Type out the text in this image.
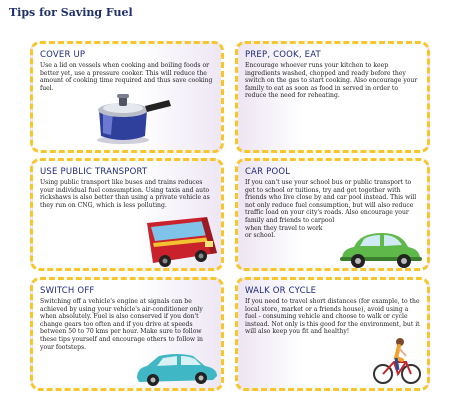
Tips for Saving Fuel
COVER UP

Use a lid on vessels when cooking and boiling foods or better yet, use a pressure cooker. This will reduce the amount of cooking time required and thus save cooking fuel.

PREP, COOK, EAT

Encourage whoever runs your kitchen to keep ingredients washed, chopped and ready before they switch on the gas to start cooking. Also encourage your family to eat as soon as food in served in order to reduce the need for reheating.

USE PUBLIC TRANSPORT

Using public transport like buses and trains reduces your individual fuel consumption. Using taxis and auto rickshaws is also better than using a private vehicle as they run on CNG, which is less polluting.

CAR POOL

If you can't use your school bus or public transport to get to school or tuitions, try and get together with friends who live close by and car pool instead. This will not only reduce fuel consumption, but will also reduce traffic load on your city's roads. Also encourage your family and friends to carpool

when they travel to work

or school.

SWITCH OFF

Switching off a vehicle's engine at signals can be achieved by using your vehicle's air-conditioner only when absolutely. Fuel is also conserved if you don't change gears too often and if you drive at speeds between 50 to 70 kms per hour. Make sure to follow these tips yourself and encourage others to follow in your footsteps.

WALK OR CYCLE

If you need to travel short distances (for example, to the local store, market or a friends house), avoid using a fuel - consuming vehicle and choose to walk or cycle instead. Not only is this good for the environment, but it will also keep you fit and healthy!
